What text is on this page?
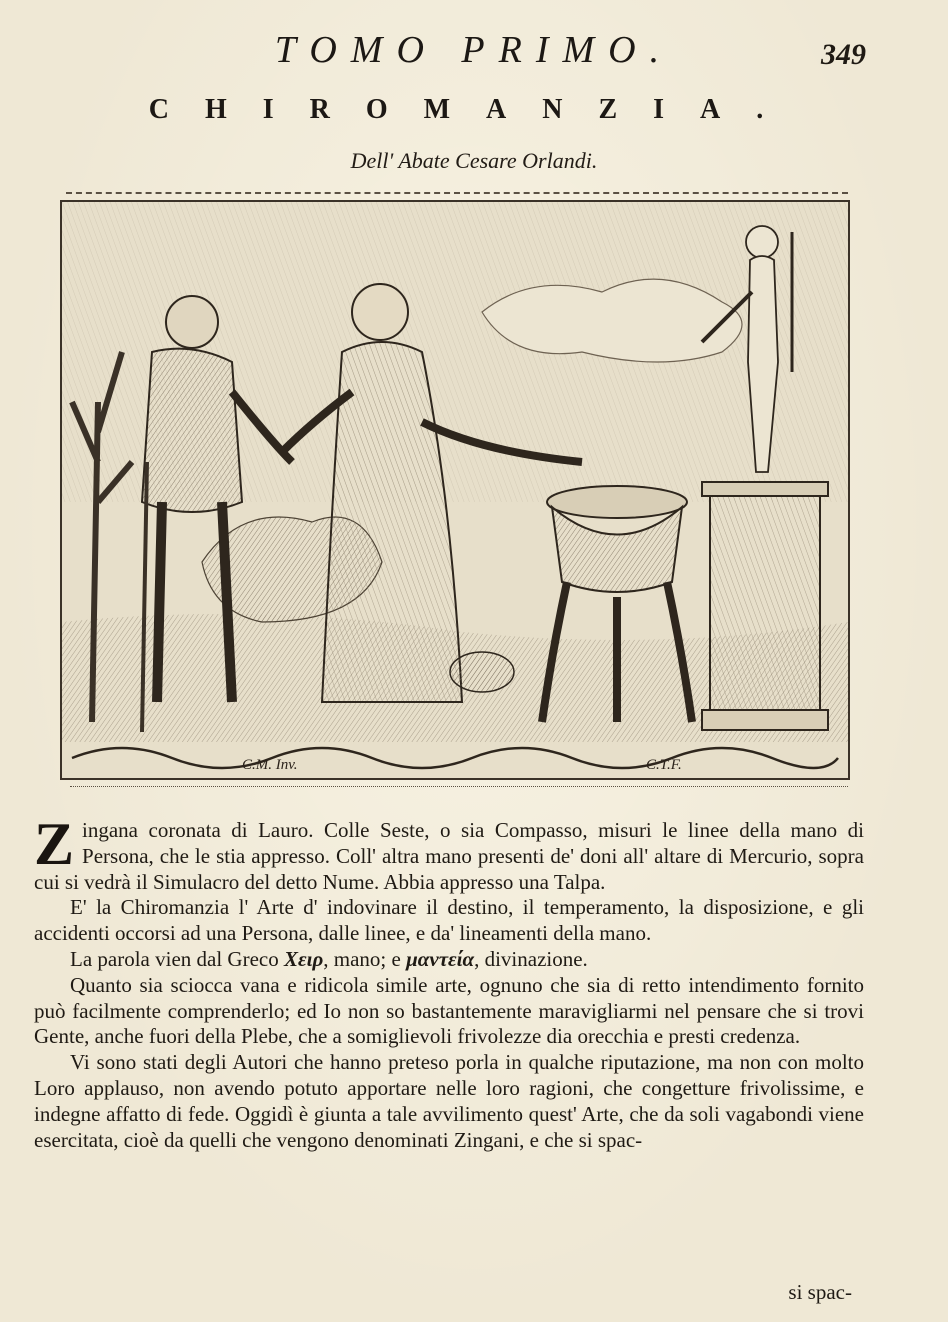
TOMO PRIMO.	349
CHIROMANZIA.
Dell' Abate Cesare Orlandi.
C.M. Inv.	C.T.F.

Zingana coronata di Lauro. Colle Seste, o sia Compasso, misuri le linee della mano di Persona, che le stia appresso. Coll' altra mano presenti de' doni all' altare di Mercurio, sopra cui si vedrà il Simulacro del detto Nume. Abbia appresso una Talpa.

E' la Chiromanzia l' Arte d' indovinare il destino, il temperamento, la disposizione, e gli accidenti occorsi ad una Persona, dalle linee, e da' lineamenti della mano.

La parola vien dal Greco Χειρ, mano; e μαντεία, divinazione.

Quanto sia sciocca vana e ridicola simile arte, ognuno che sia di retto intendimento fornito può facilmente comprenderlo; ed Io non so bastantemente maravigliarmi nel pensare che si trovi Gente, anche fuori della Plebe, che a somiglievoli frivolezze dia orecchia e presti credenza.

Vi sono stati degli Autori che hanno preteso porla in qualche riputazione, ma non con molto Loro applauso, non avendo potuto apportare nelle loro ragioni, che congetture frivolissime, e indegne affatto di fede. Oggidì è giunta a tale avvilimento quest' Arte, che da soli vagabondi viene esercitata, cioè da quelli che vengono denominati Zingani, e che si spac-

si spac-
